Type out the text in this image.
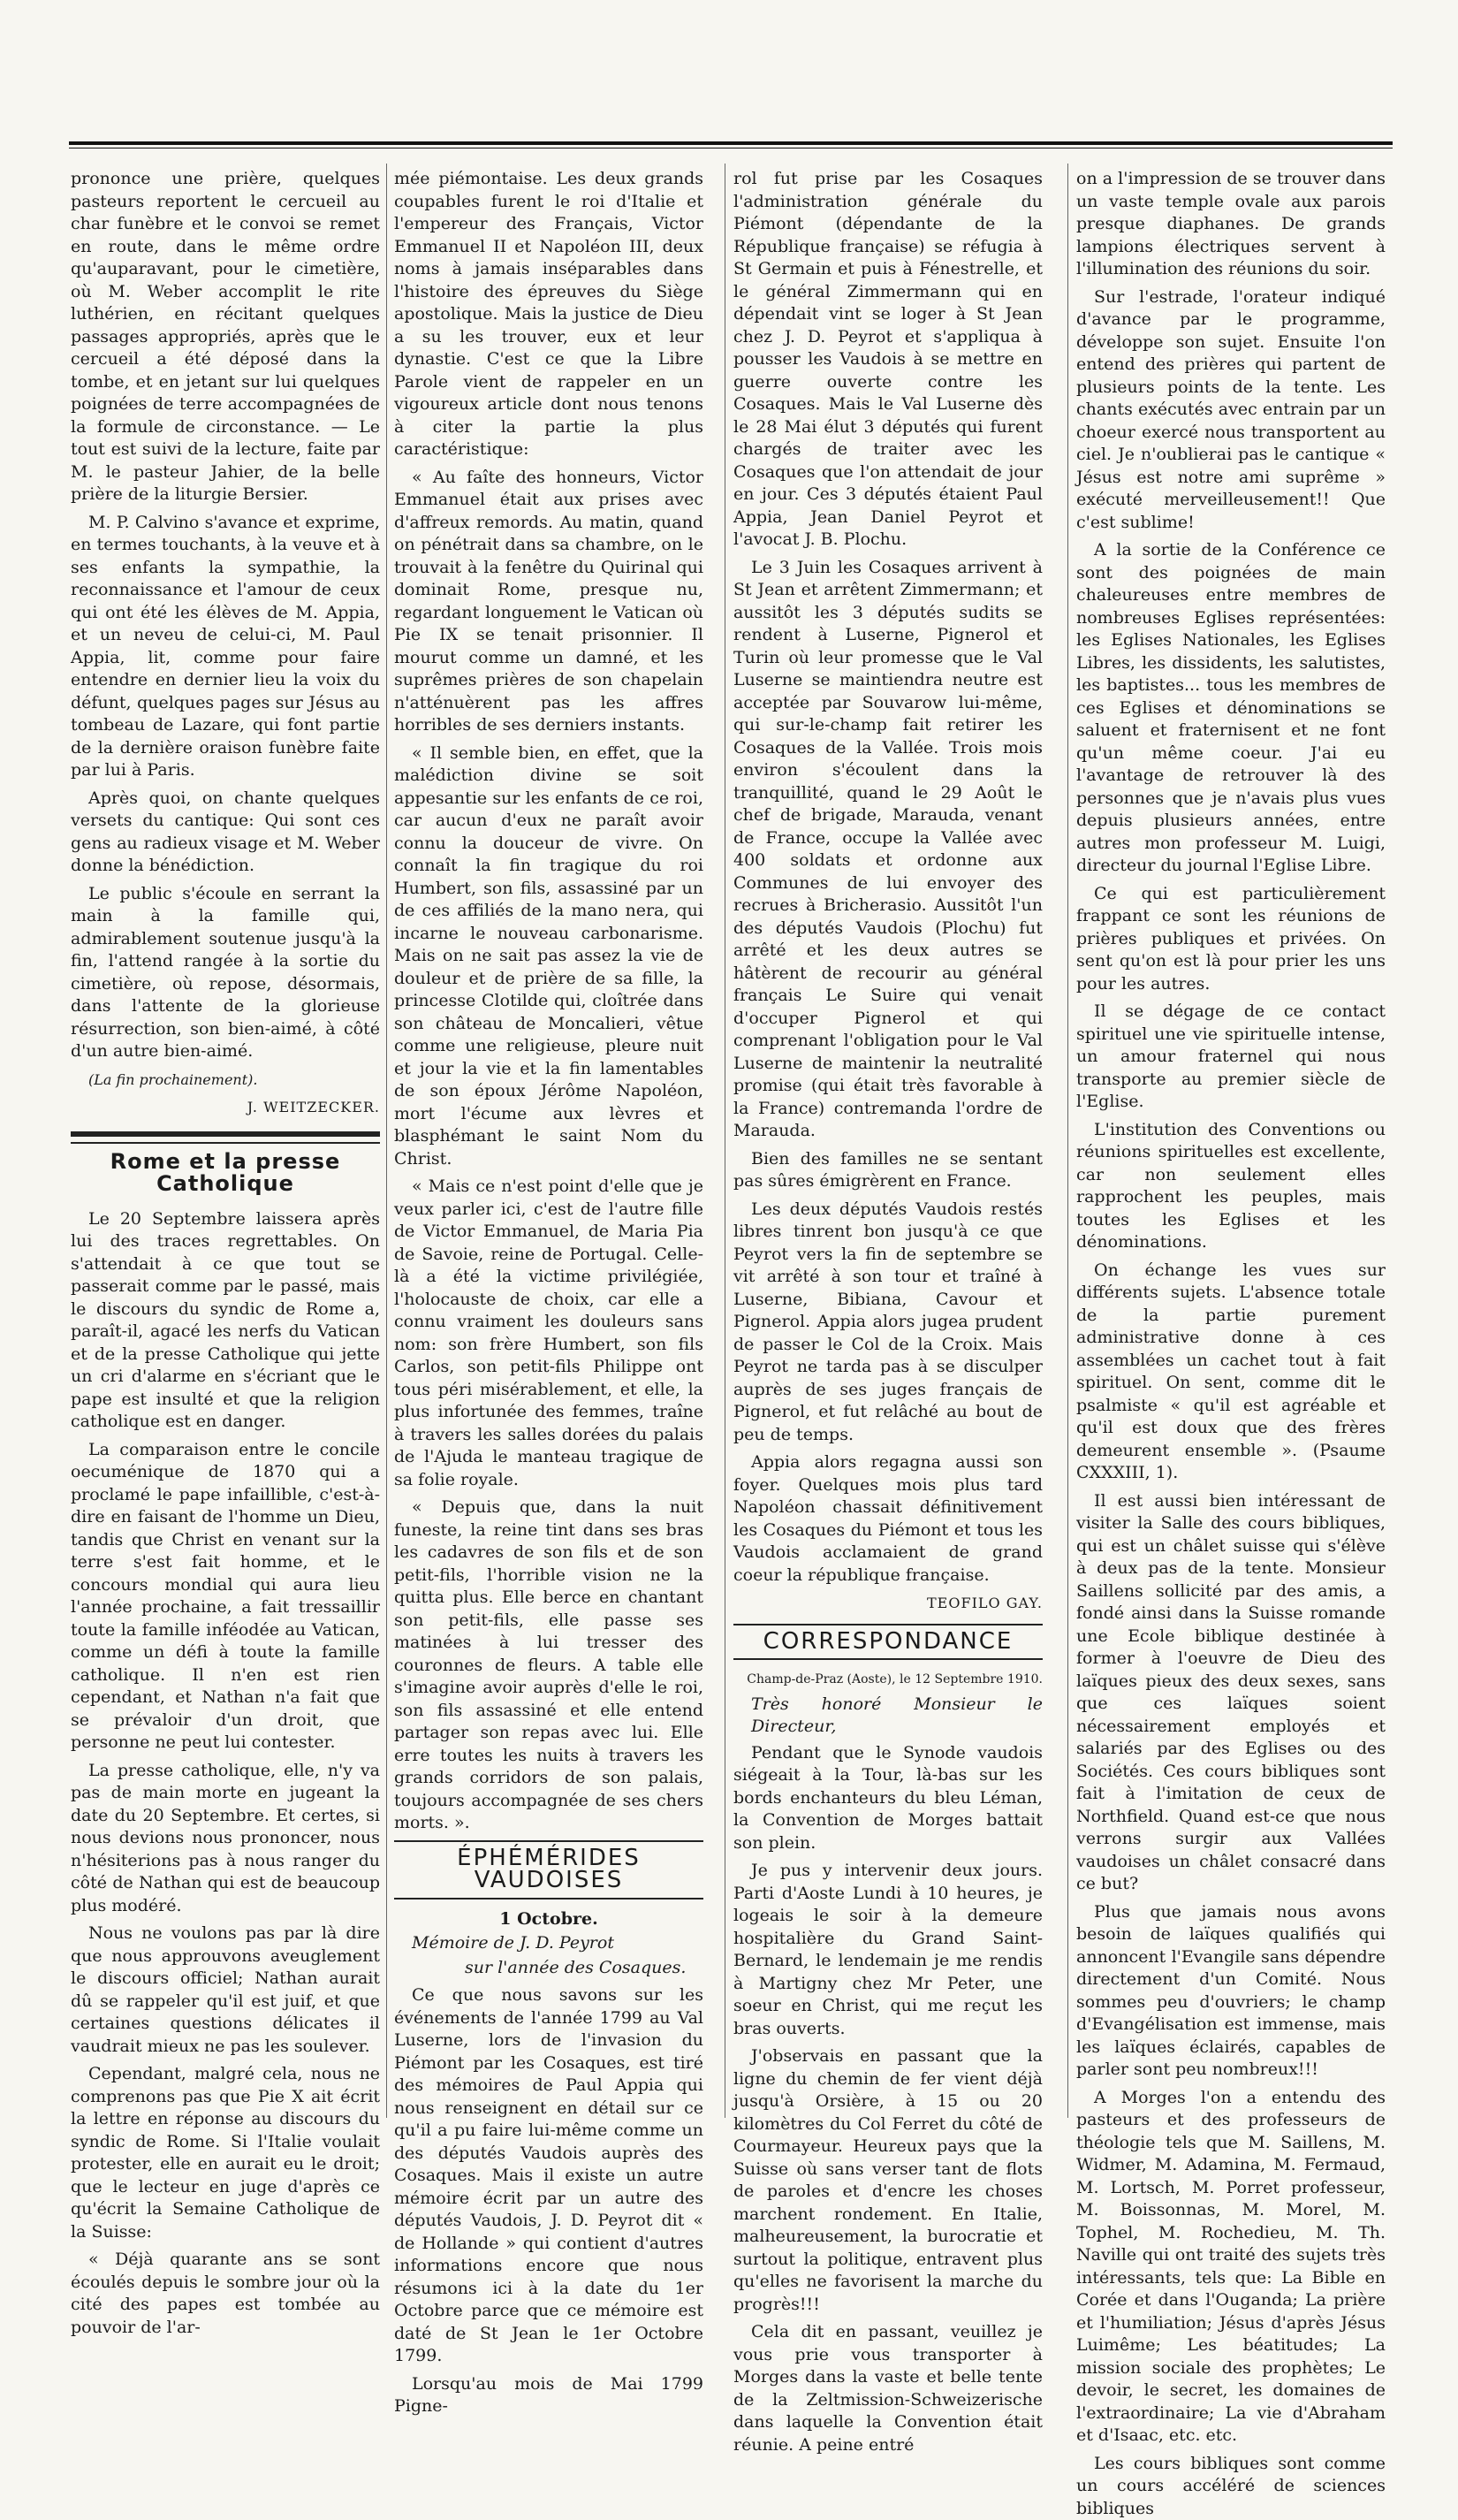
prononce une prière, quelques pasteurs reportent le cercueil au char funèbre et le convoi se remet en route, dans le même ordre qu'auparavant, pour le cimetière, où M. Weber accomplit le rite luthérien, en récitant quelques passages appropriés, après que le cercueil a été déposé dans la tombe, et en jetant sur lui quelques poignées de terre accompagnées de la formule de circonstance. — Le tout est suivi de la lecture, faite par M. le pasteur Jahier, de la belle prière de la liturgie Bersier.

M. P. Calvino s'avance et exprime, en termes touchants, à la veuve et à ses enfants la sympathie, la reconnaissance et l'amour de ceux qui ont été les élèves de M. Appia, et un neveu de celui-ci, M. Paul Appia, lit, comme pour faire entendre en dernier lieu la voix du défunt, quelques pages sur Jésus au tombeau de Lazare, qui font partie de la dernière oraison funèbre faite par lui à Paris.

Après quoi, on chante quelques versets du cantique: Qui sont ces gens au radieux visage et M. Weber donne la bénédiction.

Le public s'écoule en serrant la main à la famille qui, admirablement soutenue jusqu'à la fin, l'attend rangée à la sortie du cimetière, où repose, désormais, dans l'attente de la glorieuse résurrection, son bien-aimé, à côté d'un autre bien-aimé.

(La fin prochainement).

J. WEITZECKER.
Rome et la presse Catholique

Le 20 Septembre laissera après lui des traces regrettables. On s'attendait à ce que tout se passerait comme par le passé, mais le discours du syndic de Rome a, paraît-il, agacé les nerfs du Vatican et de la presse Catholique qui jette un cri d'alarme en s'écriant que le pape est insulté et que la religion catholique est en danger.

La comparaison entre le concile oecuménique de 1870 qui a proclamé le pape infaillible, c'est-à-dire en faisant de l'homme un Dieu, tandis que Christ en venant sur la terre s'est fait homme, et le concours mondial qui aura lieu l'année prochaine, a fait tressaillir toute la famille inféodée au Vatican, comme un défi à toute la famille catholique. Il n'en est rien cependant, et Nathan n'a fait que se prévaloir d'un droit, que personne ne peut lui contester.

La presse catholique, elle, n'y va pas de main morte en jugeant la date du 20 Septembre. Et certes, si nous devions nous prononcer, nous n'hésiterions pas à nous ranger du côté de Nathan qui est de beaucoup plus modéré.

Nous ne voulons pas par là dire que nous approuvons aveuglement le discours officiel; Nathan aurait dû se rappeler qu'il est juif, et que certaines questions délicates il vaudrait mieux ne pas les soulever.

Cependant, malgré cela, nous ne comprenons pas que Pie X ait écrit la lettre en réponse au discours du syndic de Rome. Si l'Italie voulait protester, elle en aurait eu le droit; que le lecteur en juge d'après ce qu'écrit la Semaine Catholique de la Suisse:

« Déjà quarante ans se sont écoulés depuis le sombre jour où la cité des papes est tombée au pouvoir de l'ar-

mée piémontaise. Les deux grands coupables furent le roi d'Italie et l'empereur des Français, Victor Emmanuel II et Napoléon III, deux noms à jamais inséparables dans l'histoire des épreuves du Siège apostolique. Mais la justice de Dieu a su les trouver, eux et leur dynastie. C'est ce que la Libre Parole vient de rappeler en un vigoureux article dont nous tenons à citer la partie la plus caractéristique:

« Au faîte des honneurs, Victor Emmanuel était aux prises avec d'affreux remords. Au matin, quand on pénétrait dans sa chambre, on le trouvait à la fenêtre du Quirinal qui dominait Rome, presque nu, regardant longuement le Vatican où Pie IX se tenait prisonnier. Il mourut comme un damné, et les suprêmes prières de son chapelain n'atténuèrent pas les affres horribles de ses derniers instants.

« Il semble bien, en effet, que la malédiction divine se soit appesantie sur les enfants de ce roi, car aucun d'eux ne paraît avoir connu la douceur de vivre. On connaît la fin tragique du roi Humbert, son fils, assassiné par un de ces affiliés de la mano nera, qui incarne le nouveau carbonarisme. Mais on ne sait pas assez la vie de douleur et de prière de sa fille, la princesse Clotilde qui, cloîtrée dans son château de Moncalieri, vêtue comme une religieuse, pleure nuit et jour la vie et la fin lamentables de son époux Jérôme Napoléon, mort l'écume aux lèvres et blasphémant le saint Nom du Christ.

« Mais ce n'est point d'elle que je veux parler ici, c'est de l'autre fille de Victor Emmanuel, de Maria Pia de Savoie, reine de Portugal. Celle-là a été la victime privilégiée, l'holocauste de choix, car elle a connu vraiment les douleurs sans nom: son frère Humbert, son fils Carlos, son petit-fils Philippe ont tous péri misérablement, et elle, la plus infortunée des femmes, traîne à travers les salles dorées du palais de l'Ajuda le manteau tragique de sa folie royale.

« Depuis que, dans la nuit funeste, la reine tint dans ses bras les cadavres de son fils et de son petit-fils, l'horrible vision ne la quitta plus. Elle berce en chantant son petit-fils, elle passe ses matinées à lui tresser des couronnes de fleurs. A table elle s'imagine avoir auprès d'elle le roi, son fils assassiné et elle entend partager son repas avec lui. Elle erre toutes les nuits à travers les grands corridors de son palais, toujours accompagnée de ses chers morts. ».

ÉPHÉMÉRIDES VAUDOISES
1 Octobre.
Mémoire de J. D. Peyrot
sur l'année des Cosaques.

Ce que nous savons sur les événements de l'année 1799 au Val Luserne, lors de l'invasion du Piémont par les Cosaques, est tiré des mémoires de Paul Appia qui nous renseignent en détail sur ce qu'il a pu faire lui-même comme un des députés Vaudois auprès des Cosaques. Mais il existe un autre mémoire écrit par un autre des députés Vaudois, J. D. Peyrot dit « de Hollande » qui contient d'autres informations encore que nous résumons ici à la date du 1er Octobre parce que ce mémoire est daté de St Jean le 1er Octobre 1799.

Lorsqu'au mois de Mai 1799 Pigne-

rol fut prise par les Cosaques l'administration générale du Piémont (dépendante de la République française) se réfugia à St Germain et puis à Fénestrelle, et le général Zimmermann qui en dépendait vint se loger à St Jean chez J. D. Peyrot et s'appliqua à pousser les Vaudois à se mettre en guerre ouverte contre les Cosaques. Mais le Val Luserne dès le 28 Mai élut 3 députés qui furent chargés de traiter avec les Cosaques que l'on attendait de jour en jour. Ces 3 députés étaient Paul Appia, Jean Daniel Peyrot et l'avocat J. B. Plochu.

Le 3 Juin les Cosaques arrivent à St Jean et arrêtent Zimmermann; et aussitôt les 3 députés sudits se rendent à Luserne, Pignerol et Turin où leur promesse que le Val Luserne se maintiendra neutre est acceptée par Souvarow lui-même, qui sur-le-champ fait retirer les Cosaques de la Vallée. Trois mois environ s'écoulent dans la tranquillité, quand le 29 Août le chef de brigade, Marauda, venant de France, occupe la Vallée avec 400 soldats et ordonne aux Communes de lui envoyer des recrues à Bricherasio. Aussitôt l'un des députés Vaudois (Plochu) fut arrêté et les deux autres se hâtèrent de recourir au général français Le Suire qui venait d'occuper Pignerol et qui comprenant l'obligation pour le Val Luserne de maintenir la neutralité promise (qui était très favorable à la France) contremanda l'ordre de Marauda.

Bien des familles ne se sentant pas sûres émigrèrent en France.

Les deux députés Vaudois restés libres tinrent bon jusqu'à ce que Peyrot vers la fin de septembre se vit arrêté à son tour et traîné à Luserne, Bibiana, Cavour et Pignerol. Appia alors jugea prudent de passer le Col de la Croix. Mais Peyrot ne tarda pas à se disculper auprès de ses juges français de Pignerol, et fut relâché au bout de peu de temps.

Appia alors regagna aussi son foyer. Quelques mois plus tard Napoléon chassait définitivement les Cosaques du Piémont et tous les Vaudois acclamaient de grand coeur la république française.

TEOFILO GAY.
CORRESPONDANCE
Champ-de-Praz (Aoste), le 12 Septembre 1910.
Très honoré Monsieur le Directeur,

Pendant que le Synode vaudois siégeait à la Tour, là-bas sur les bords enchanteurs du bleu Léman, la Convention de Morges battait son plein.

Je pus y intervenir deux jours. Parti d'Aoste Lundi à 10 heures, je logeais le soir à la demeure hospitalière du Grand Saint-Bernard, le lendemain je me rendis à Martigny chez Mr Peter, une soeur en Christ, qui me reçut les bras ouverts.

J'observais en passant que la ligne du chemin de fer vient déjà jusqu'à Orsière, à 15 ou 20 kilomètres du Col Ferret du côté de Courmayeur. Heureux pays que la Suisse où sans verser tant de flots de paroles et d'encre les choses marchent rondement. En Italie, malheureusement, la burocratie et surtout la politique, entravent plus qu'elles ne favorisent la marche du progrès!!!

Cela dit en passant, veuillez je vous prie vous transporter à Morges dans la vaste et belle tente de la Zeltmission-Schweizerische dans laquelle la Convention était réunie. A peine entré

on a l'impression de se trouver dans un vaste temple ovale aux parois presque diaphanes. De grands lampions électriques servent à l'illumination des réunions du soir.

Sur l'estrade, l'orateur indiqué d'avance par le programme, développe son sujet. Ensuite l'on entend des prières qui partent de plusieurs points de la tente. Les chants exécutés avec entrain par un choeur exercé nous transportent au ciel. Je n'oublierai pas le cantique « Jésus est notre ami suprême » exécuté merveilleusement!! Que c'est sublime!

A la sortie de la Conférence ce sont des poignées de main chaleureuses entre membres de nombreuses Eglises représentées: les Eglises Nationales, les Eglises Libres, les dissidents, les salutistes, les baptistes... tous les membres de ces Eglises et dénominations se saluent et fraternisent et ne font qu'un même coeur. J'ai eu l'avantage de retrouver là des personnes que je n'avais plus vues depuis plusieurs années, entre autres mon professeur M. Luigi, directeur du journal l'Eglise Libre.

Ce qui est particulièrement frappant ce sont les réunions de prières publiques et privées. On sent qu'on est là pour prier les uns pour les autres.

Il se dégage de ce contact spirituel une vie spirituelle intense, un amour fraternel qui nous transporte au premier siècle de l'Eglise.

L'institution des Conventions ou réunions spirituelles est excellente, car non seulement elles rapprochent les peuples, mais toutes les Eglises et les dénominations.

On échange les vues sur différents sujets. L'absence totale de la partie purement administrative donne à ces assemblées un cachet tout à fait spirituel. On sent, comme dit le psalmiste « qu'il est agréable et qu'il est doux que des frères demeurent ensemble ». (Psaume CXXXIII, 1).

Il est aussi bien intéressant de visiter la Salle des cours bibliques, qui est un châlet suisse qui s'élève à deux pas de la tente. Monsieur Saillens sollicité par des amis, a fondé ainsi dans la Suisse romande une Ecole biblique destinée à former à l'oeuvre de Dieu des laïques pieux des deux sexes, sans que ces laïques soient nécessairement employés et salariés par des Eglises ou des Sociétés. Ces cours bibliques sont fait à l'imitation de ceux de Northfield. Quand est-ce que nous verrons surgir aux Vallées vaudoises un châlet consacré dans ce but?

Plus que jamais nous avons besoin de laïques qualifiés qui annoncent l'Evangile sans dépendre directement d'un Comité. Nous sommes peu d'ouvriers; le champ d'Evangélisation est immense, mais les laïques éclairés, capables de parler sont peu nombreux!!!

A Morges l'on a entendu des pasteurs et des professeurs de théologie tels que M. Saillens, M. Widmer, M. Adamina, M. Fermaud, M. Lortsch, M. Porret professeur, M. Boissonnas, M. Morel, M. Tophel, M. Rochedieu, M. Th. Naville qui ont traité des sujets très intéressants, tels que: La Bible en Corée et dans l'Ouganda; La prière et l'humiliation; Jésus d'après Jésus Luimême; Les béatitudes; La mission sociale des prophètes; Le devoir, le secret, les domaines de l'extraordinaire; La vie d'Abraham et d'Isaac, etc. etc.

Les cours bibliques sont comme un cours accéléré de sciences bibliques
